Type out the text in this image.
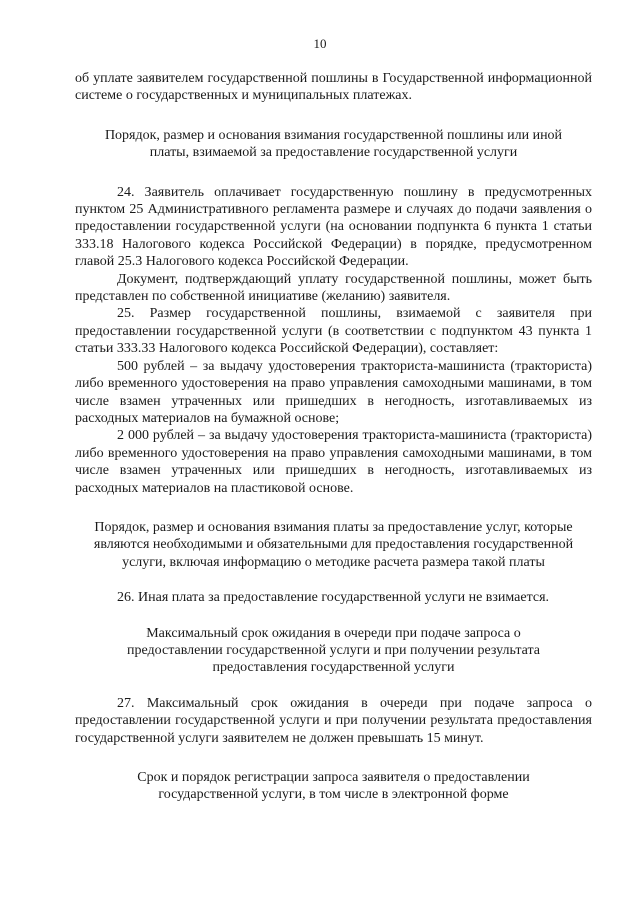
10

об уплате заявителем государственной пошлины в Государственной информационной системе о государственных и муниципальных платежах.

Порядок, размер и основания взимания государственной пошлины или иной платы, взимаемой за предоставление государственной услуги

24. Заявитель оплачивает государственную пошлину в предусмотренных пунктом 25 Административного регламента размере и случаях до подачи заявления о предоставлении государственной услуги (на основании подпункта 6 пункта 1 статьи 333.18 Налогового кодекса Российской Федерации) в порядке, предусмотренном главой 25.3 Налогового кодекса Российской Федерации.

Документ, подтверждающий уплату государственной пошлины, может быть представлен по собственной инициативе (желанию) заявителя.

25. Размер государственной пошлины, взимаемой с заявителя при предоставлении государственной услуги (в соответствии с подпунктом 43 пункта 1 статьи 333.33 Налогового кодекса Российской Федерации), составляет:

500 рублей – за выдачу удостоверения тракториста-машиниста (тракториста) либо временного удостоверения на право управления самоходными машинами, в том числе взамен утраченных или пришедших в негодность, изготавливаемых из расходных материалов на бумажной основе;

2 000 рублей – за выдачу удостоверения тракториста-машиниста (тракториста) либо временного удостоверения на право управления самоходными машинами, в том числе взамен утраченных или пришедших в негодность, изготавливаемых из расходных материалов на пластиковой основе.

Порядок, размер и основания взимания платы за предоставление услуг, которые являются необходимыми и обязательными для предоставления государственной услуги, включая информацию о методике расчета размера такой платы

26. Иная плата за предоставление государственной услуги не взимается.

Максимальный срок ожидания в очереди при подаче запроса о предоставлении государственной услуги и при получении результата предоставления государственной услуги

27. Максимальный срок ожидания в очереди при подаче запроса о предоставлении государственной услуги и при получении результата предоставления государственной услуги заявителем не должен превышать 15 минут.

Срок и порядок регистрации запроса заявителя о предоставлении государственной услуги, в том числе в электронной форме
